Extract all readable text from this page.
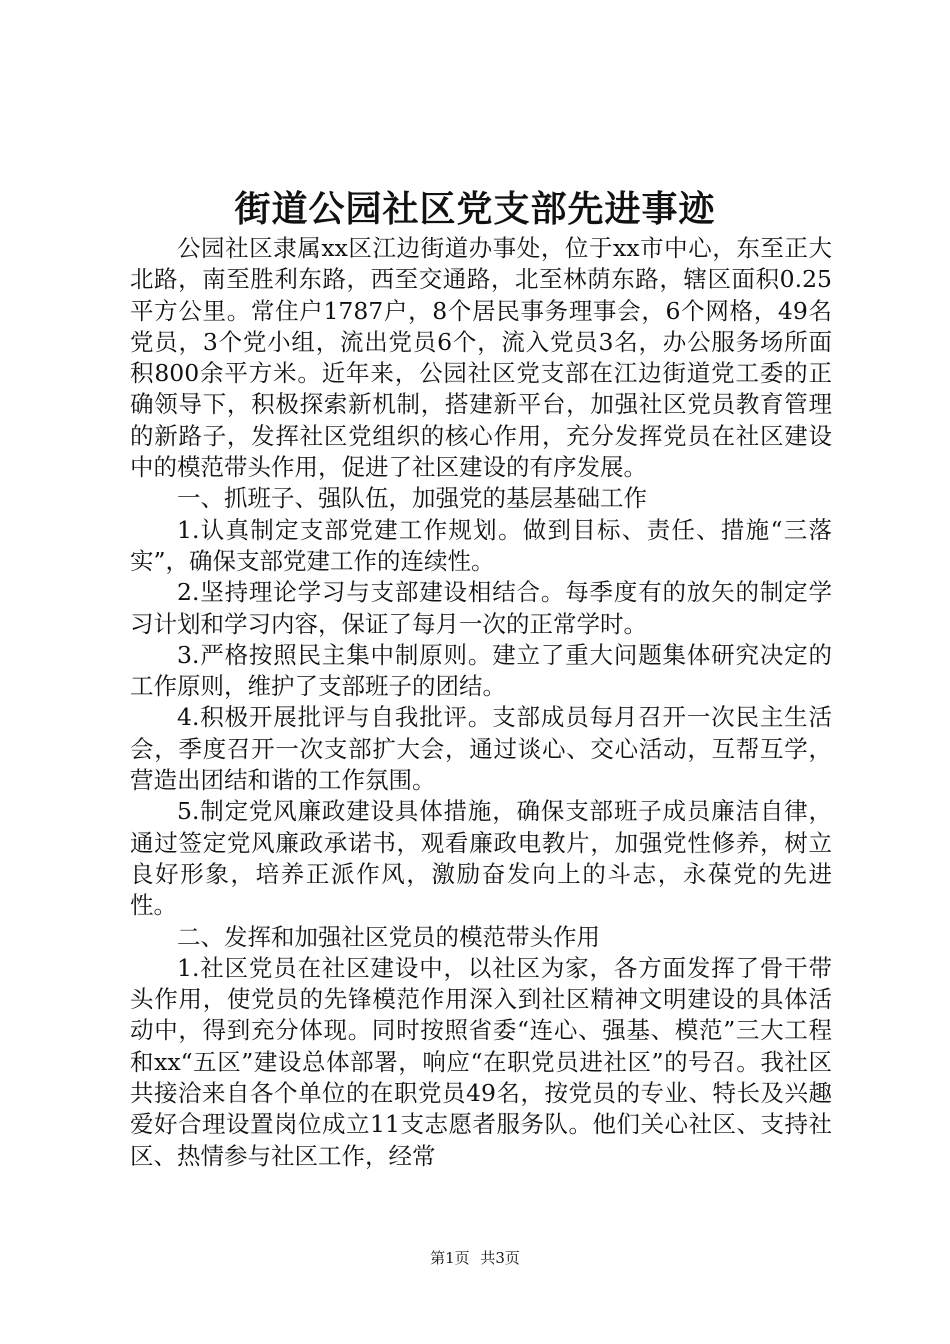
街道公园社区党支部先进事迹

公园社区隶属xx区江边街道办事处，位于xx市中心，东至正大北路，南至胜利东路，西至交通路，北至林荫东路，辖区面积0.25平方公里。常住户1787户，8个居民事务理事会，6个网格，49名党员，3个党小组，流出党员6个，流入党员3名，办公服务场所面积800余平方米。近年来，公园社区党支部在江边街道党工委的正确领导下，积极探索新机制，搭建新平台，加强社区党员教育管理的新路子，发挥社区党组织的核心作用，充分发挥党员在社区建设中的模范带头作用，促进了社区建设的有序发展。

一、抓班子、强队伍，加强党的基层基础工作

1.认真制定支部党建工作规划。做到目标、责任、措施“三落实”，确保支部党建工作的连续性。

2.坚持理论学习与支部建设相结合。每季度有的放矢的制定学习计划和学习内容，保证了每月一次的正常学时。

3.严格按照民主集中制原则。建立了重大问题集体研究决定的工作原则，维护了支部班子的团结。

4.积极开展批评与自我批评。支部成员每月召开一次民主生活会，季度召开一次支部扩大会，通过谈心、交心活动，互帮互学，营造出团结和谐的工作氛围。

5.制定党风廉政建设具体措施，确保支部班子成员廉洁自律，通过签定党风廉政承诺书，观看廉政电教片，加强党性修养，树立良好形象，培养正派作风，激励奋发向上的斗志，永葆党的先进性。

二、发挥和加强社区党员的模范带头作用

1.社区党员在社区建设中，以社区为家，各方面发挥了骨干带头作用，使党员的先锋模范作用深入到社区精神文明建设的具体活动中，得到充分体现。同时按照省委“连心、强基、模范”三大工程和xx“五区”建设总体部署，响应“在职党员进社区”的号召。我社区共接洽来自各个单位的在职党员49名，按党员的专业、特长及兴趣爱好合理设置岗位成立11支志愿者服务队。他们关心社区、支持社区、热情参与社区工作，经常

第1页 共3页
